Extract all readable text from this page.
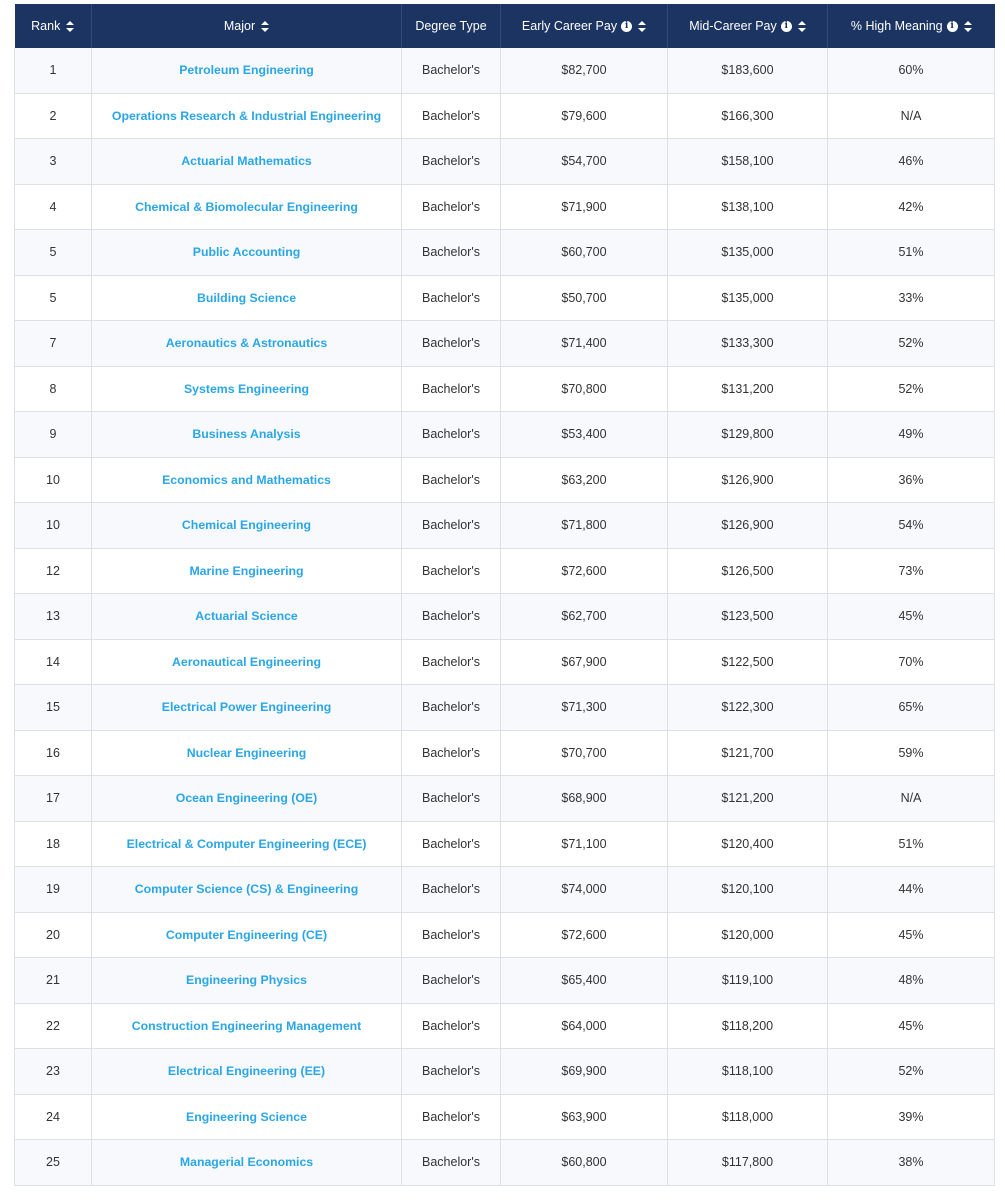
Rank	Major	Degree Type	Early Career Pay i	Mid-Career Pay i	% High Meaning i

1	Petroleum Engineering	Bachelor's	$82,700	$183,600	60%
2	Operations Research & Industrial Engineering	Bachelor's	$79,600	$166,300	N/A
3	Actuarial Mathematics	Bachelor's	$54,700	$158,100	46%
4	Chemical & Biomolecular Engineering	Bachelor's	$71,900	$138,100	42%
5	Public Accounting	Bachelor's	$60,700	$135,000	51%
5	Building Science	Bachelor's	$50,700	$135,000	33%
7	Aeronautics & Astronautics	Bachelor's	$71,400	$133,300	52%
8	Systems Engineering	Bachelor's	$70,800	$131,200	52%
9	Business Analysis	Bachelor's	$53,400	$129,800	49%
10	Economics and Mathematics	Bachelor's	$63,200	$126,900	36%
10	Chemical Engineering	Bachelor's	$71,800	$126,900	54%
12	Marine Engineering	Bachelor's	$72,600	$126,500	73%
13	Actuarial Science	Bachelor's	$62,700	$123,500	45%
14	Aeronautical Engineering	Bachelor's	$67,900	$122,500	70%
15	Electrical Power Engineering	Bachelor's	$71,300	$122,300	65%
16	Nuclear Engineering	Bachelor's	$70,700	$121,700	59%
17	Ocean Engineering (OE)	Bachelor's	$68,900	$121,200	N/A
18	Electrical & Computer Engineering (ECE)	Bachelor's	$71,100	$120,400	51%
19	Computer Science (CS) & Engineering	Bachelor's	$74,000	$120,100	44%
20	Computer Engineering (CE)	Bachelor's	$72,600	$120,000	45%
21	Engineering Physics	Bachelor's	$65,400	$119,100	48%
22	Construction Engineering Management	Bachelor's	$64,000	$118,200	45%
23	Electrical Engineering (EE)	Bachelor's	$69,900	$118,100	52%
24	Engineering Science	Bachelor's	$63,900	$118,000	39%
25	Managerial Economics	Bachelor's	$60,800	$117,800	38%
